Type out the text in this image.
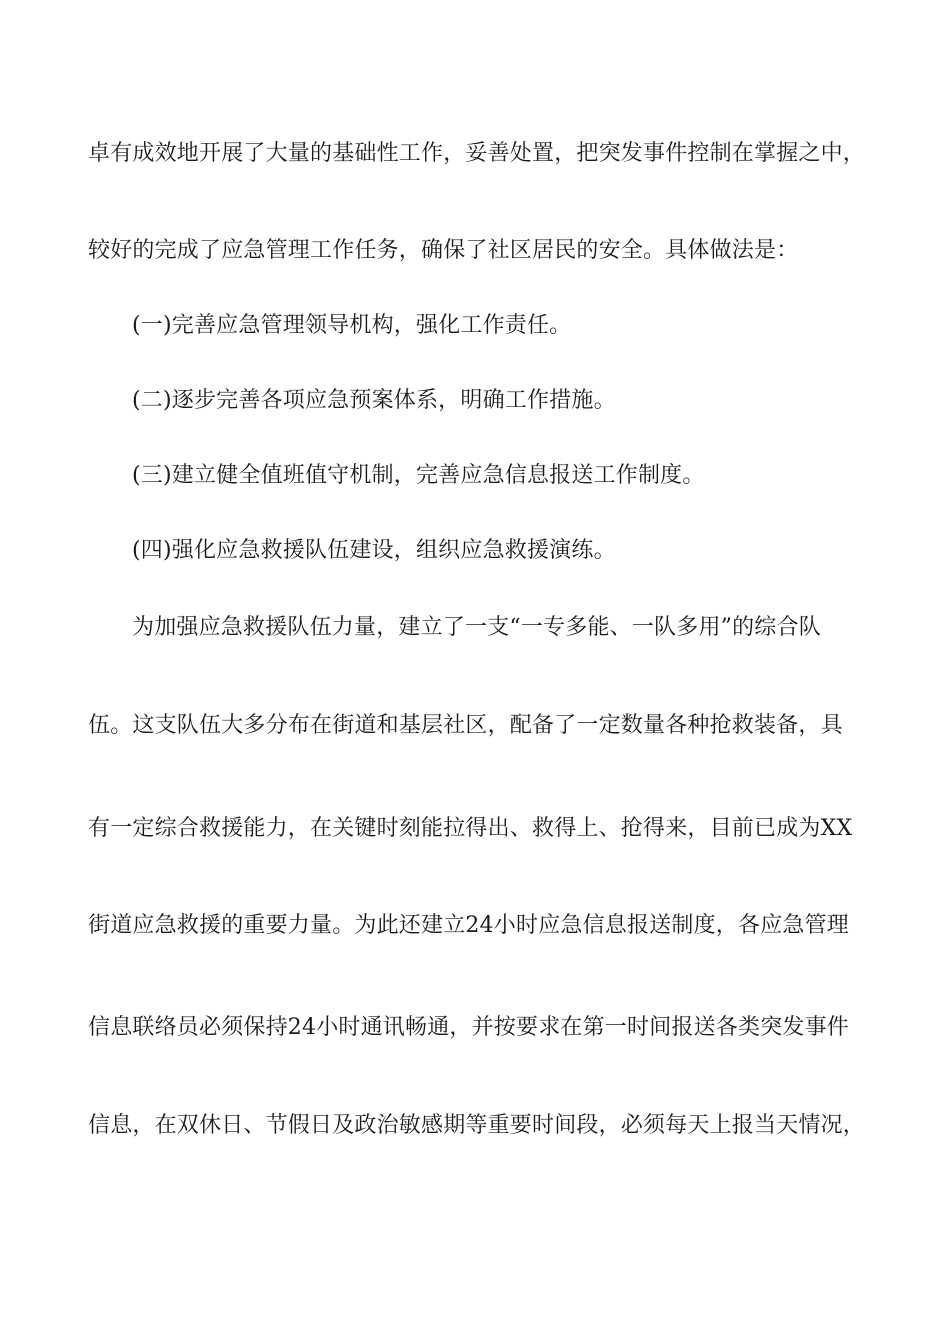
卓有成效地开展了大量的基础性工作，妥善处置，把突发事件控制在掌握之中，
较好的完成了应急管理工作任务，确保了社区居民的安全。具体做法是：
(一)完善应急管理领导机构，强化工作责任。
(二)逐步完善各项应急预案体系，明确工作措施。
(三)建立健全值班值守机制，完善应急信息报送工作制度。
(四)强化应急救援队伍建设，组织应急救援演练。
为加强应急救援队伍力量，建立了一支“一专多能、一队多用”的综合队
伍。这支队伍大多分布在街道和基层社区，配备了一定数量各种抢救装备，具
有一定综合救援能力，在关键时刻能拉得出、救得上、抢得来，目前已成为XX
街道应急救援的重要力量。为此还建立24小时应急信息报送制度，各应急管理
信息联络员必须保持24小时通讯畅通，并按要求在第一时间报送各类突发事件
信息，在双休日、节假日及政治敏感期等重要时间段，必须每天上报当天情况，
